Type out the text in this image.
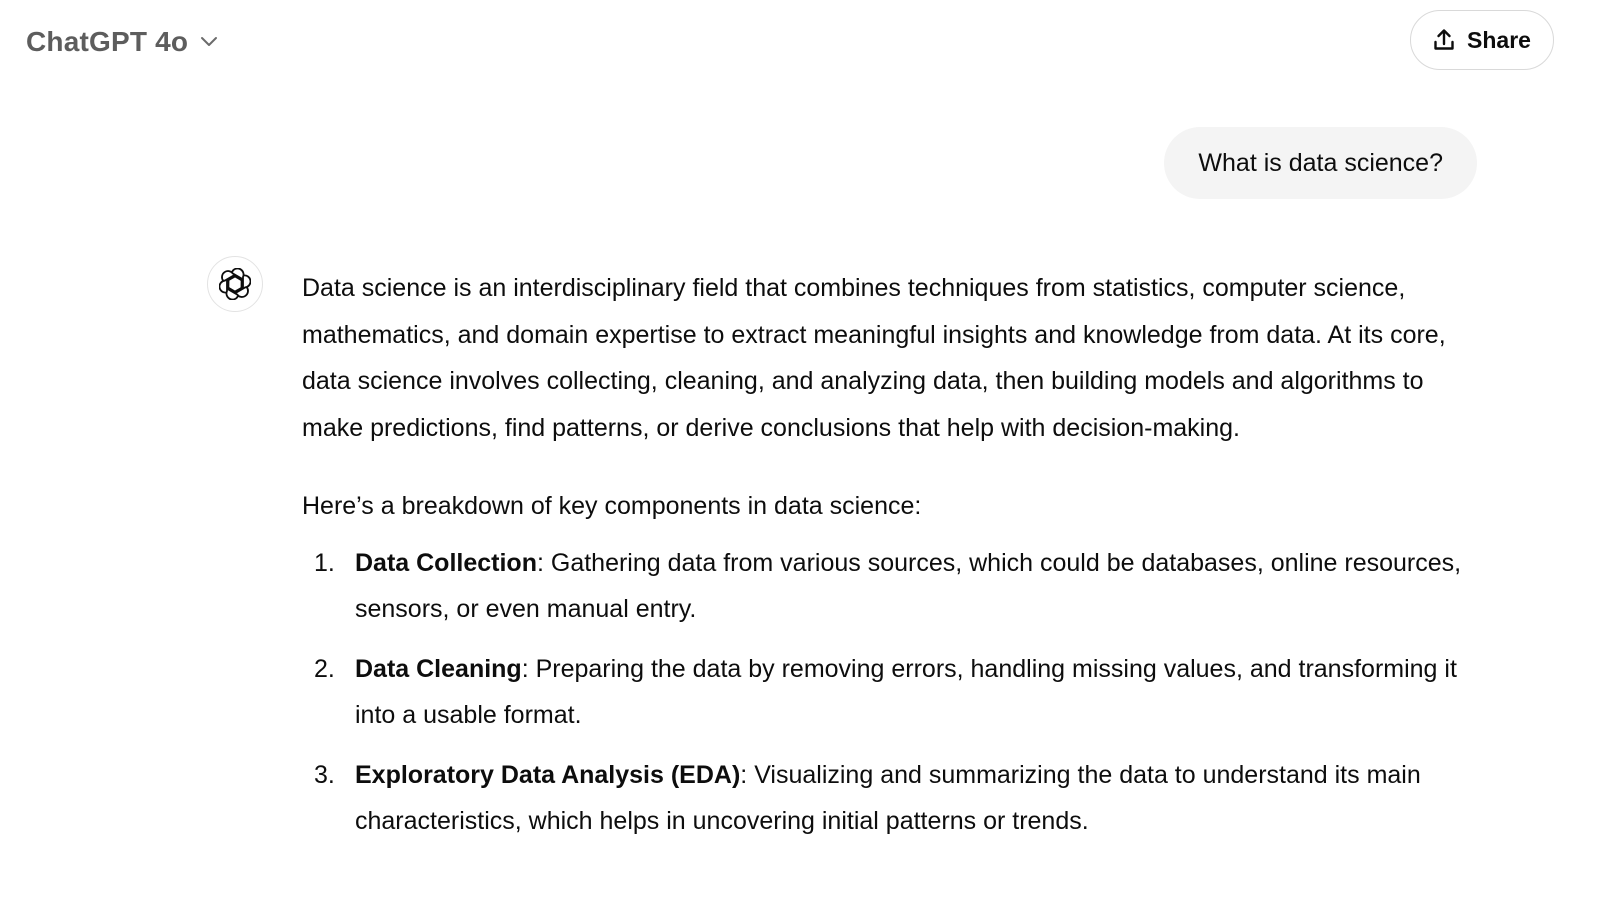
ChatGPT 4o	Share
What is data science?

Data science is an interdisciplinary field that combines techniques from statistics, computer science, mathematics, and domain expertise to extract meaningful insights and knowledge from data. At its core, data science involves collecting, cleaning, and analyzing data, then building models and algorithms to make predictions, find patterns, or derive conclusions that help with decision-making.

Here’s a breakdown of key components in data science:

1. Data Collection: Gathering data from various sources, which could be databases, online resources, sensors, or even manual entry.
2. Data Cleaning: Preparing the data by removing errors, handling missing values, and transforming it into a usable format.
3. Exploratory Data Analysis (EDA): Visualizing and summarizing the data to understand its main characteristics, which helps in uncovering initial patterns or trends.
